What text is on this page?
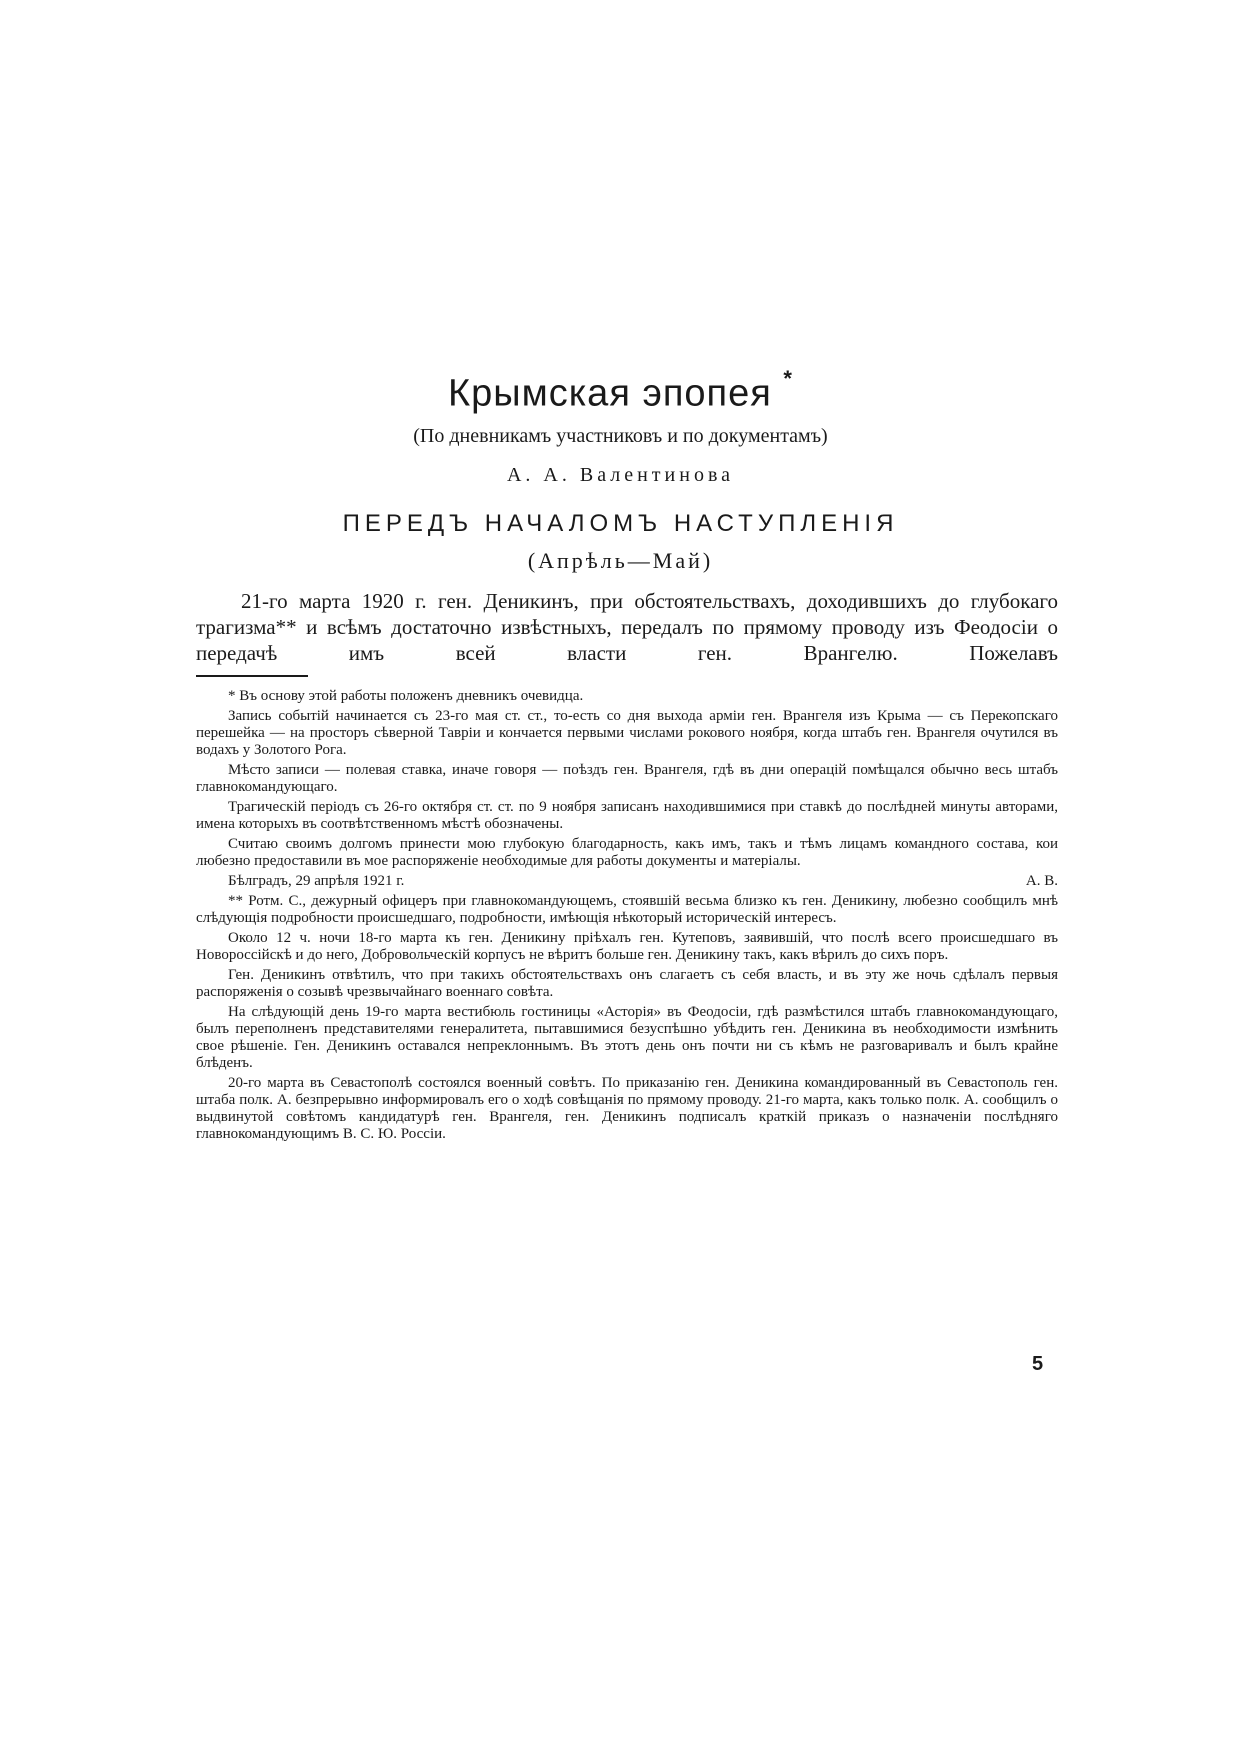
Крымская эпопея *
(По дневникамъ участниковъ и по документамъ)
А. А. Валентинова
ПЕРЕДЪ НАЧАЛОМЪ НАСТУПЛЕНІЯ
(Апрѣль—Май)

21-го марта 1920 г. ген. Деникинъ, при обстоятельствахъ, доходившихъ до глубокаго трагизма** и всѣмъ достаточно извѣстныхъ, передалъ по прямому проводу изъ Феодосіи о передачѣ имъ всей власти ген. Врангелю. Пожелавъ

* Въ основу этой работы положенъ дневникъ очевидца.

Запись событій начинается съ 23-го мая ст. ст., то-есть со дня выхода арміи ген. Врангеля изъ Крыма — съ Перекопскаго перешейка — на просторъ сѣверной Тавріи и кончается первыми числами рокового ноября, когда штабъ ген. Врангеля очутился въ водахъ у Золотого Рога.

Мѣсто записи — полевая ставка, иначе говоря — поѣздъ ген. Врангеля, гдѣ въ дни операцій помѣщался обычно весь штабъ главнокомандующаго.

Трагическій періодъ съ 26-го октября ст. ст. по 9 ноября записанъ находившимися при ставкѣ до послѣдней минуты авторами, имена которыхъ въ соотвѣтственномъ мѣстѣ обозначены.

Считаю своимъ долгомъ принести мою глубокую благодарность, какъ имъ, такъ и тѣмъ лицамъ командного состава, кои любезно предоставили въ мое распоряженіе необходимые для работы документы и матеріалы.

Бѣлградъ, 29 апрѣля 1921 г.	А. В.

** Ротм. С., дежурный офицеръ при главнокомандующемъ, стоявшій весьма близко къ ген. Деникину, любезно сообщилъ мнѣ слѣдующія подробности происшедшаго, подробности, имѣющія нѣкоторый историческій интересъ.

Около 12 ч. ночи 18-го марта къ ген. Деникину пріѣхалъ ген. Кутеповъ, заявившій, что послѣ всего происшедшаго въ Новороссійскѣ и до него, Добровольческій корпусъ не вѣритъ больше ген. Деникину такъ, какъ вѣрилъ до сихъ поръ.

Ген. Деникинъ отвѣтилъ, что при такихъ обстоятельствахъ онъ слагаетъ съ себя власть, и въ эту же ночь сдѣлалъ первыя распоряженія о созывѣ чрезвычайнаго военнаго совѣта.

На слѣдующій день 19-го марта вестибюль гостиницы «Асторія» въ Феодосіи, гдѣ размѣстился штабъ главнокомандующаго, былъ переполненъ представителями генералитета, пытавшимися безуспѣшно убѣдить ген. Деникина въ необходимости измѣнить свое рѣшеніе. Ген. Деникинъ оставался непреклоннымъ. Въ этотъ день онъ почти ни съ кѣмъ не разговаривалъ и былъ крайне блѣденъ.

20-го марта въ Севастополѣ состоялся военный совѣтъ. По приказанію ген. Деникина командированный въ Севастополь ген. штаба полк. А. безпрерывно информировалъ его о ходѣ совѣщанія по прямому проводу. 21-го марта, какъ только полк. А. сообщилъ о выдвинутой совѣтомъ кандидатурѣ ген. Врангеля, ген. Деникинъ подписалъ краткій приказъ о назначеніи послѣдняго главнокомандующимъ В. С. Ю. Россіи.

5
